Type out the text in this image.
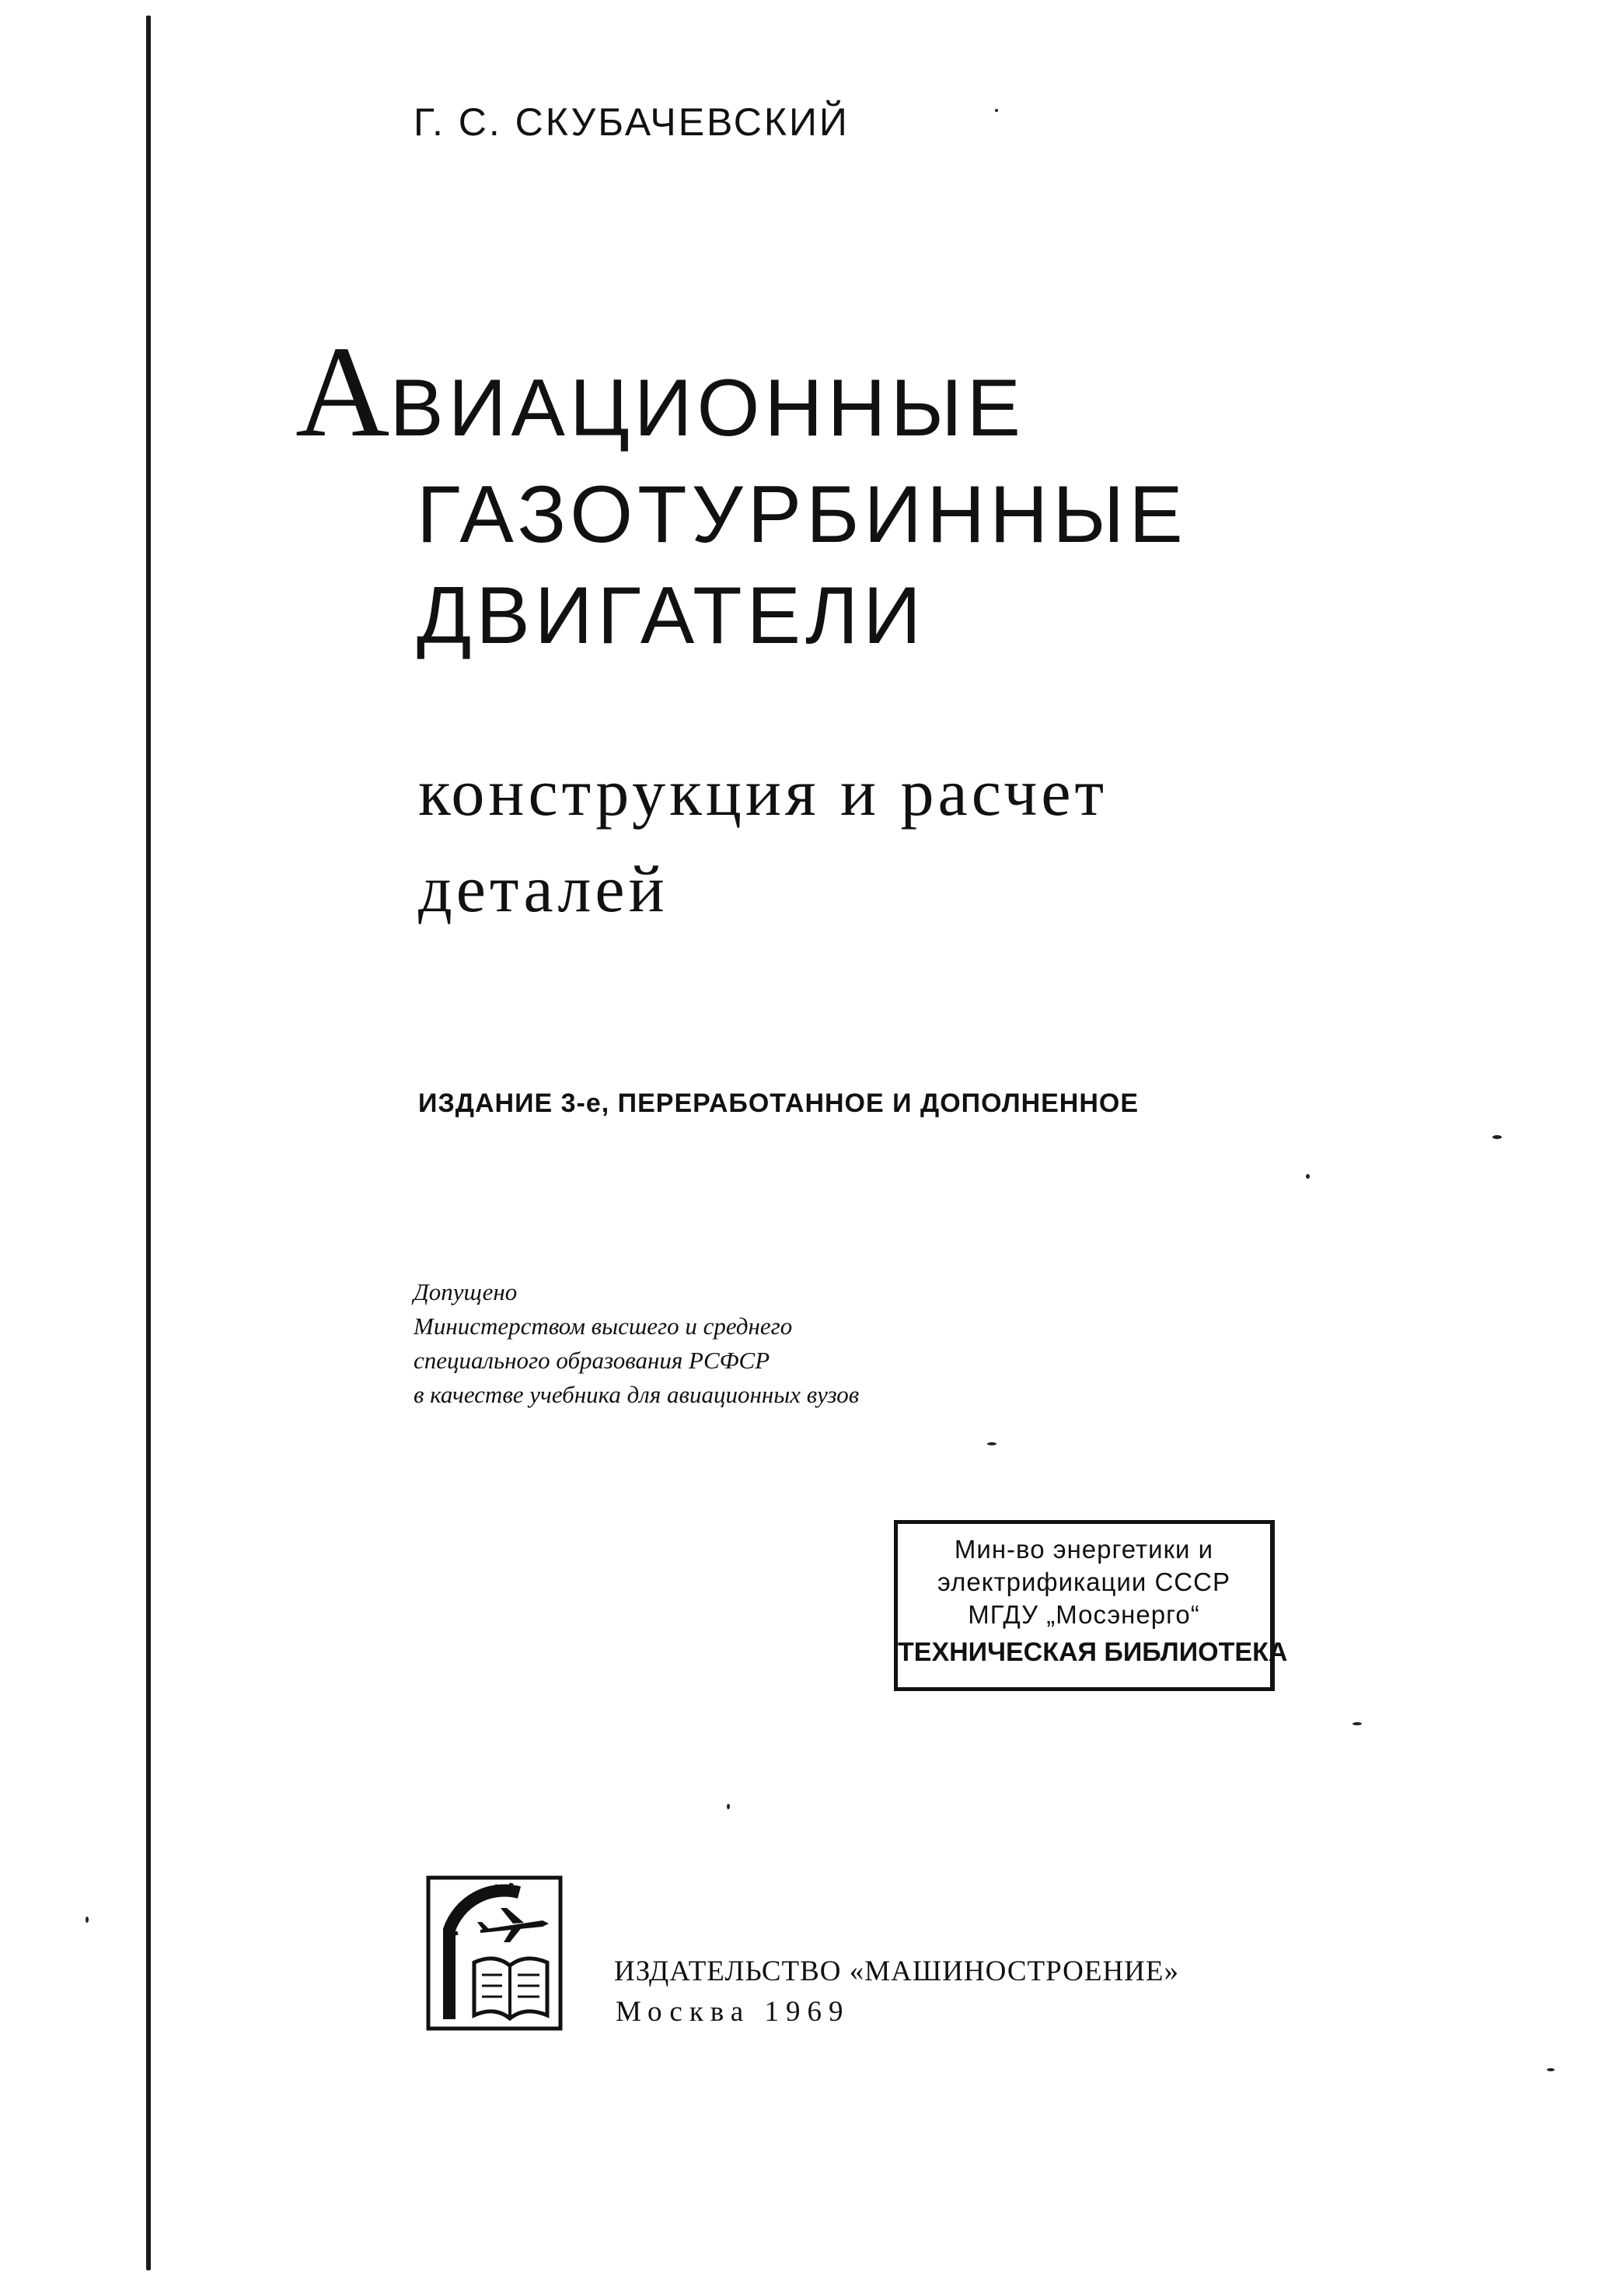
Г. С. СКУБАЧЕВСКИЙ
АВИАЦИОННЫЕ
ГАЗОТУРБИННЫЕ
ДВИГАТЕЛИ
конструкция и расчет
деталей
ИЗДАНИЕ 3-е, ПЕРЕРАБОТАННОЕ И ДОПОЛНЕННОЕ
Допущено
Министерством высшего и среднего
специального образования РСФСР
в качестве учебника для авиационных вузов
Мин-во энергетики и
электрификации СССР
МГДУ „Мосэнерго“
ТЕХНИЧЕСКАЯ БИБЛИОТЕКА
ИЗДАТЕЛЬСТВО «МАШИНОСТРОЕНИЕ»
Москва 1969
